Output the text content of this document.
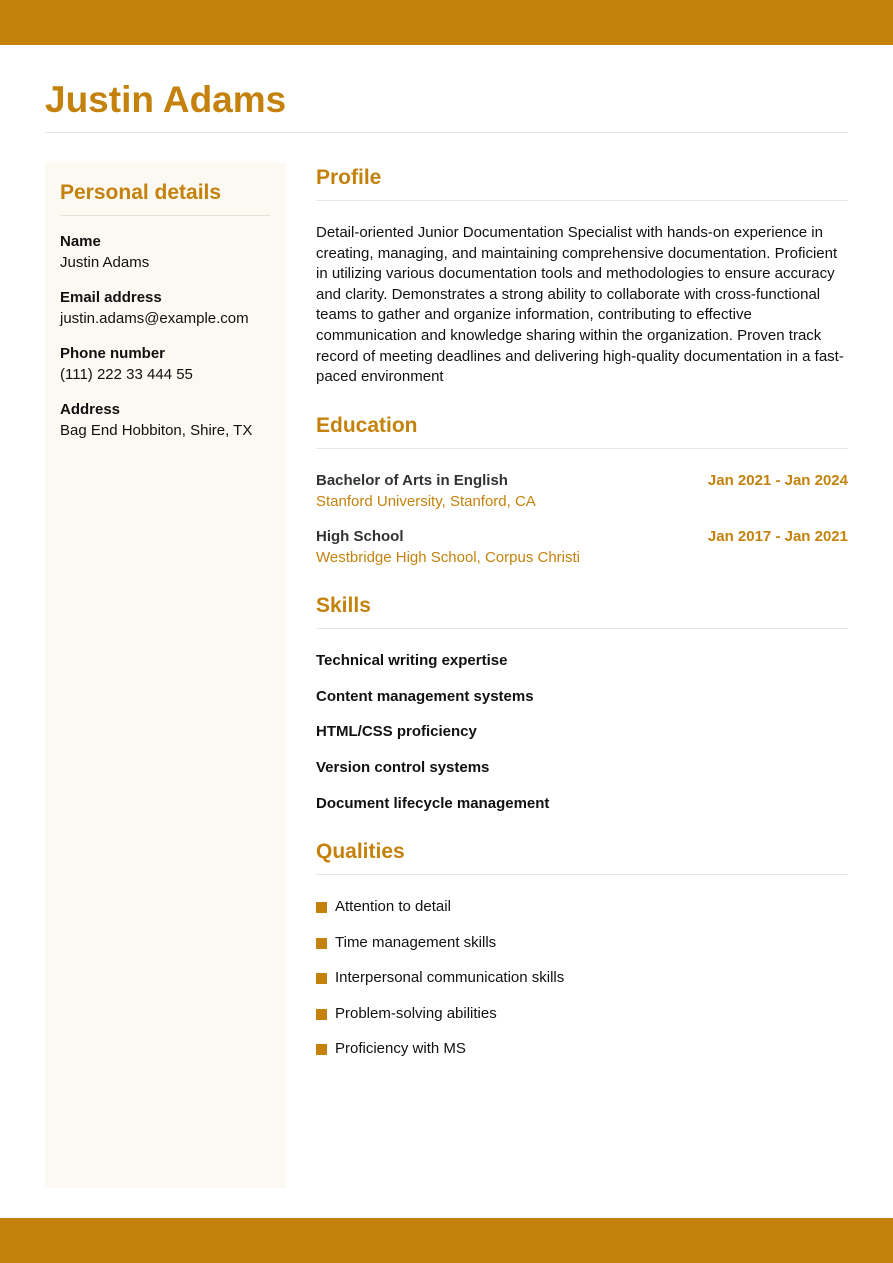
Justin Adams
Personal details
Name
Justin Adams
Email address
justin.adams@example.com
Phone number
(111) 222 33 444 55
Address
Bag End Hobbiton, Shire, TX
Profile

Detail-oriented Junior Documentation Specialist with hands-on experience in creating, managing, and maintaining comprehensive documentation. Proficient in utilizing various documentation tools and methodologies to ensure accuracy and clarity. Demonstrates a strong ability to collaborate with cross-functional teams to gather and organize information, contributing to effective communication and knowledge sharing within the organization. Proven track record of meeting deadlines and delivering high-quality documentation in a fast-paced environment

Education
Bachelor of Arts in English	Jan 2021 - Jan 2024
Stanford University, Stanford, CA
High School	Jan 2017 - Jan 2021
Westbridge High School, Corpus Christi
Skills
Technical writing expertise
Content management systems
HTML/CSS proficiency
Version control systems
Document lifecycle management
Qualities
Attention to detail
Time management skills
Interpersonal communication skills
Problem-solving abilities
Proficiency with MS
